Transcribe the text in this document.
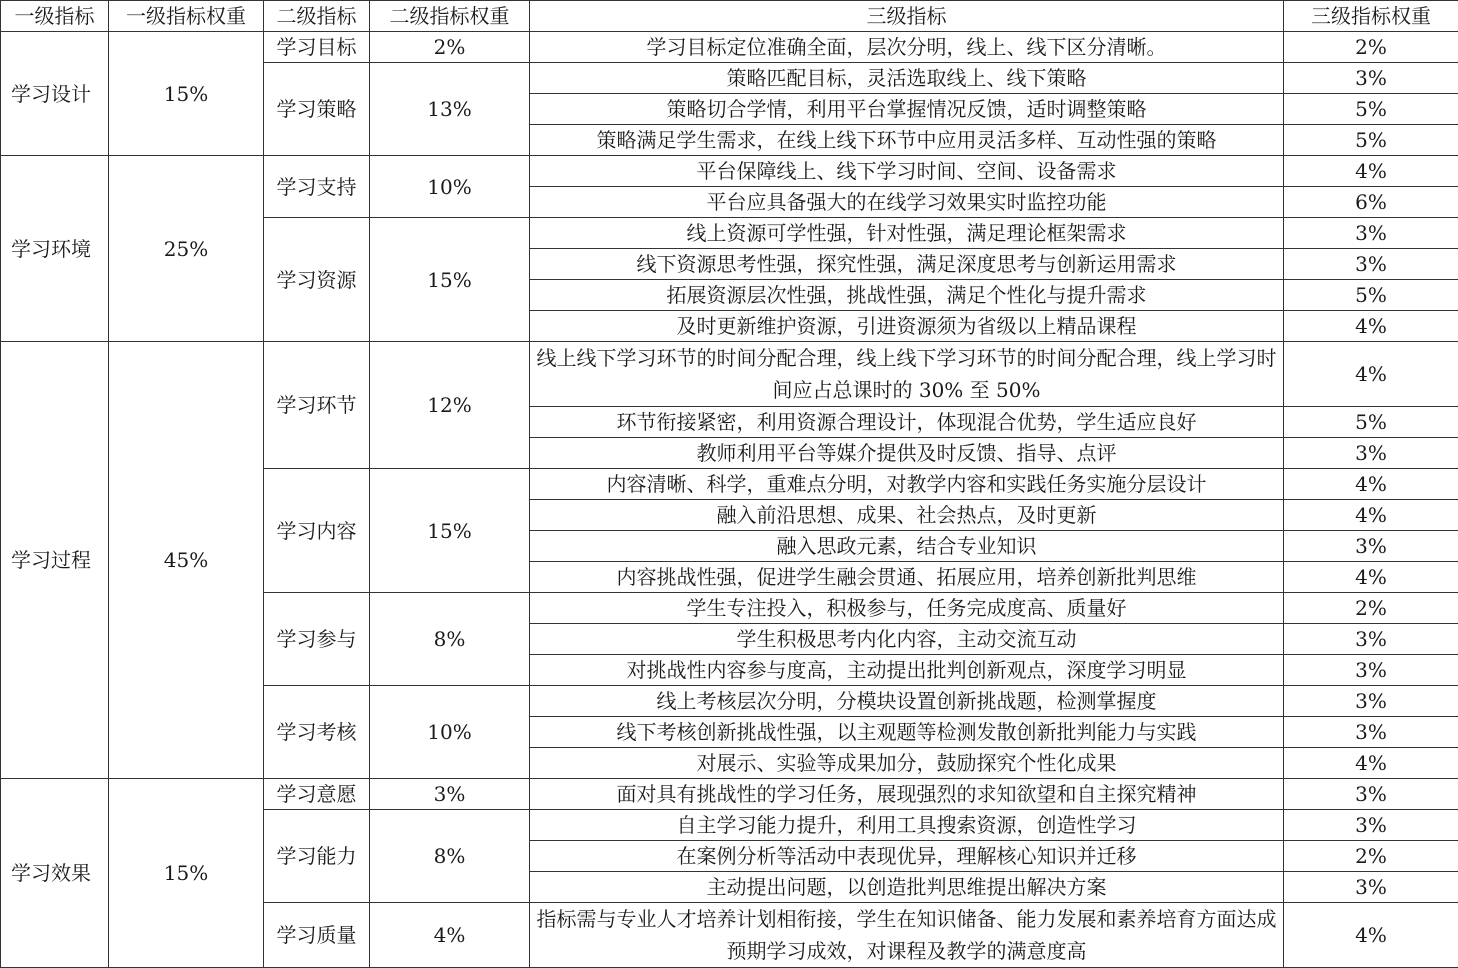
一级指标	一级指标权重	二级指标	二级指标权重	三级指标	三级指标权重
学习设计	15%	学习目标	2%	学习目标定位准确全面，层次分明，线上、线下区分清晰。	2%
		学习策略	13%	策略匹配目标，灵活选取线上、线下策略	3%
				策略切合学情，利用平台掌握情况反馈，适时调整策略	5%
				策略满足学生需求，在线上线下环节中应用灵活多样、互动性强的策略	5%
学习环境	25%	学习支持	10%	平台保障线上、线下学习时间、空间、设备需求	4%
				平台应具备强大的在线学习效果实时监控功能	6%
		学习资源	15%	线上资源可学性强，针对性强，满足理论框架需求	3%
				线下资源思考性强，探究性强，满足深度思考与创新运用需求	3%
				拓展资源层次性强，挑战性强，满足个性化与提升需求	5%
				及时更新维护资源，引进资源须为省级以上精品课程	4%
学习过程	45%	学习环节	12%	线上线下学习环节的时间分配合理，线上线下学习环节的时间分配合理，线上学习时间应占总课时的 30% 至 50%	4%
				环节衔接紧密，利用资源合理设计，体现混合优势，学生适应良好	5%
				教师利用平台等媒介提供及时反馈、指导、点评	3%
		学习内容	15%	内容清晰、科学，重难点分明，对教学内容和实践任务实施分层设计	4%
				融入前沿思想、成果、社会热点，及时更新	4%
				融入思政元素，结合专业知识	3%
				内容挑战性强，促进学生融会贯通、拓展应用，培养创新批判思维	4%
		学习参与	8%	学生专注投入，积极参与，任务完成度高、质量好	2%
				学生积极思考内化内容，主动交流互动	3%
				对挑战性内容参与度高，主动提出批判创新观点，深度学习明显	3%
		学习考核	10%	线上考核层次分明，分模块设置创新挑战题，检测掌握度	3%
				线下考核创新挑战性强，以主观题等检测发散创新批判能力与实践	3%
				对展示、实验等成果加分，鼓励探究个性化成果	4%
学习效果	15%	学习意愿	3%	面对具有挑战性的学习任务，展现强烈的求知欲望和自主探究精神	3%
		学习能力	8%	自主学习能力提升，利用工具搜索资源，创造性学习	3%
				在案例分析等活动中表现优异，理解核心知识并迁移	2%
				主动提出问题，以创造批判思维提出解决方案	3%
		学习质量	4%	指标需与专业人才培养计划相衔接，学生在知识储备、能力发展和素养培育方面达成预期学习成效，对课程及教学的满意度高	4%
